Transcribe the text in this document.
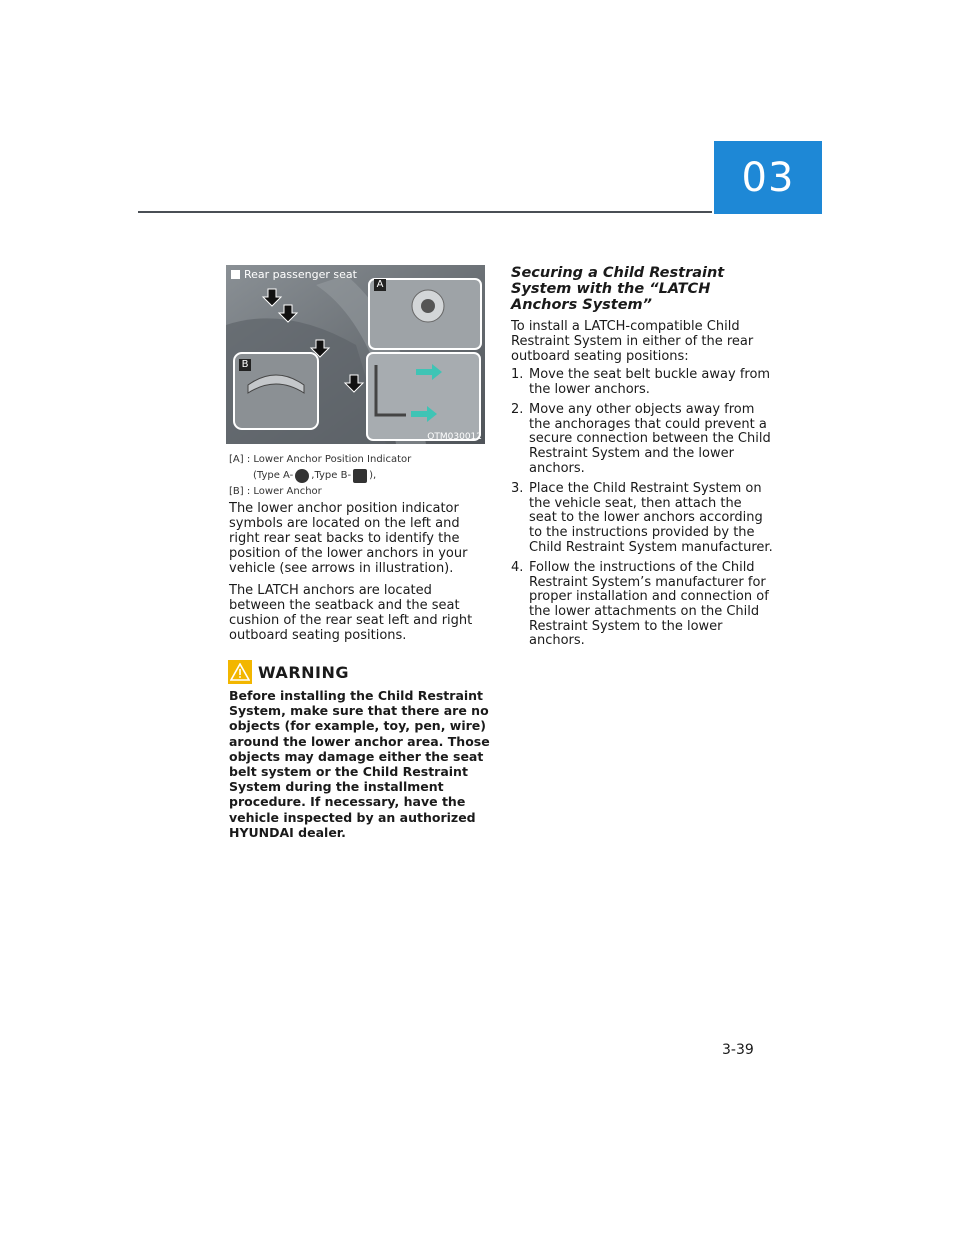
03
Rear passenger seat
A
B
OTM030012
[A] : Lower Anchor Position Indicator
(Type A- ,Type B- ),
[B] : Lower Anchor

The lower anchor position indicator symbols are located on the left and right rear seat backs to identify the position of the lower anchors in your vehicle (see arrows in illustration).

The LATCH anchors are located between the seatback and the seat cushion of the rear seat left and right outboard seating positions.

WARNING
Before installing the Child Restraint System, make sure that there are no objects (for example, toy, pen, wire) around the lower anchor area. Those objects may damage either the seat belt system or the Child Restraint System during the installment procedure. If necessary, have the vehicle inspected by an authorized HYUNDAI dealer.
Securing a Child Restraint System with the “LATCH Anchors System”

To install a LATCH-compatible Child Restraint System in either of the rear outboard seating positions:

1. Move the seat belt buckle away from the lower anchors.
2. Move any other objects away from the anchorages that could prevent a secure connection between the Child Restraint System and the lower anchors.
3. Place the Child Restraint System on the vehicle seat, then attach the seat to the lower anchors according to the instructions provided by the Child Restraint System manufacturer.
4. Follow the instructions of the Child Restraint System’s manufacturer for proper installation and connection of the lower attachments on the Child Restraint System to the lower anchors.
3-39
